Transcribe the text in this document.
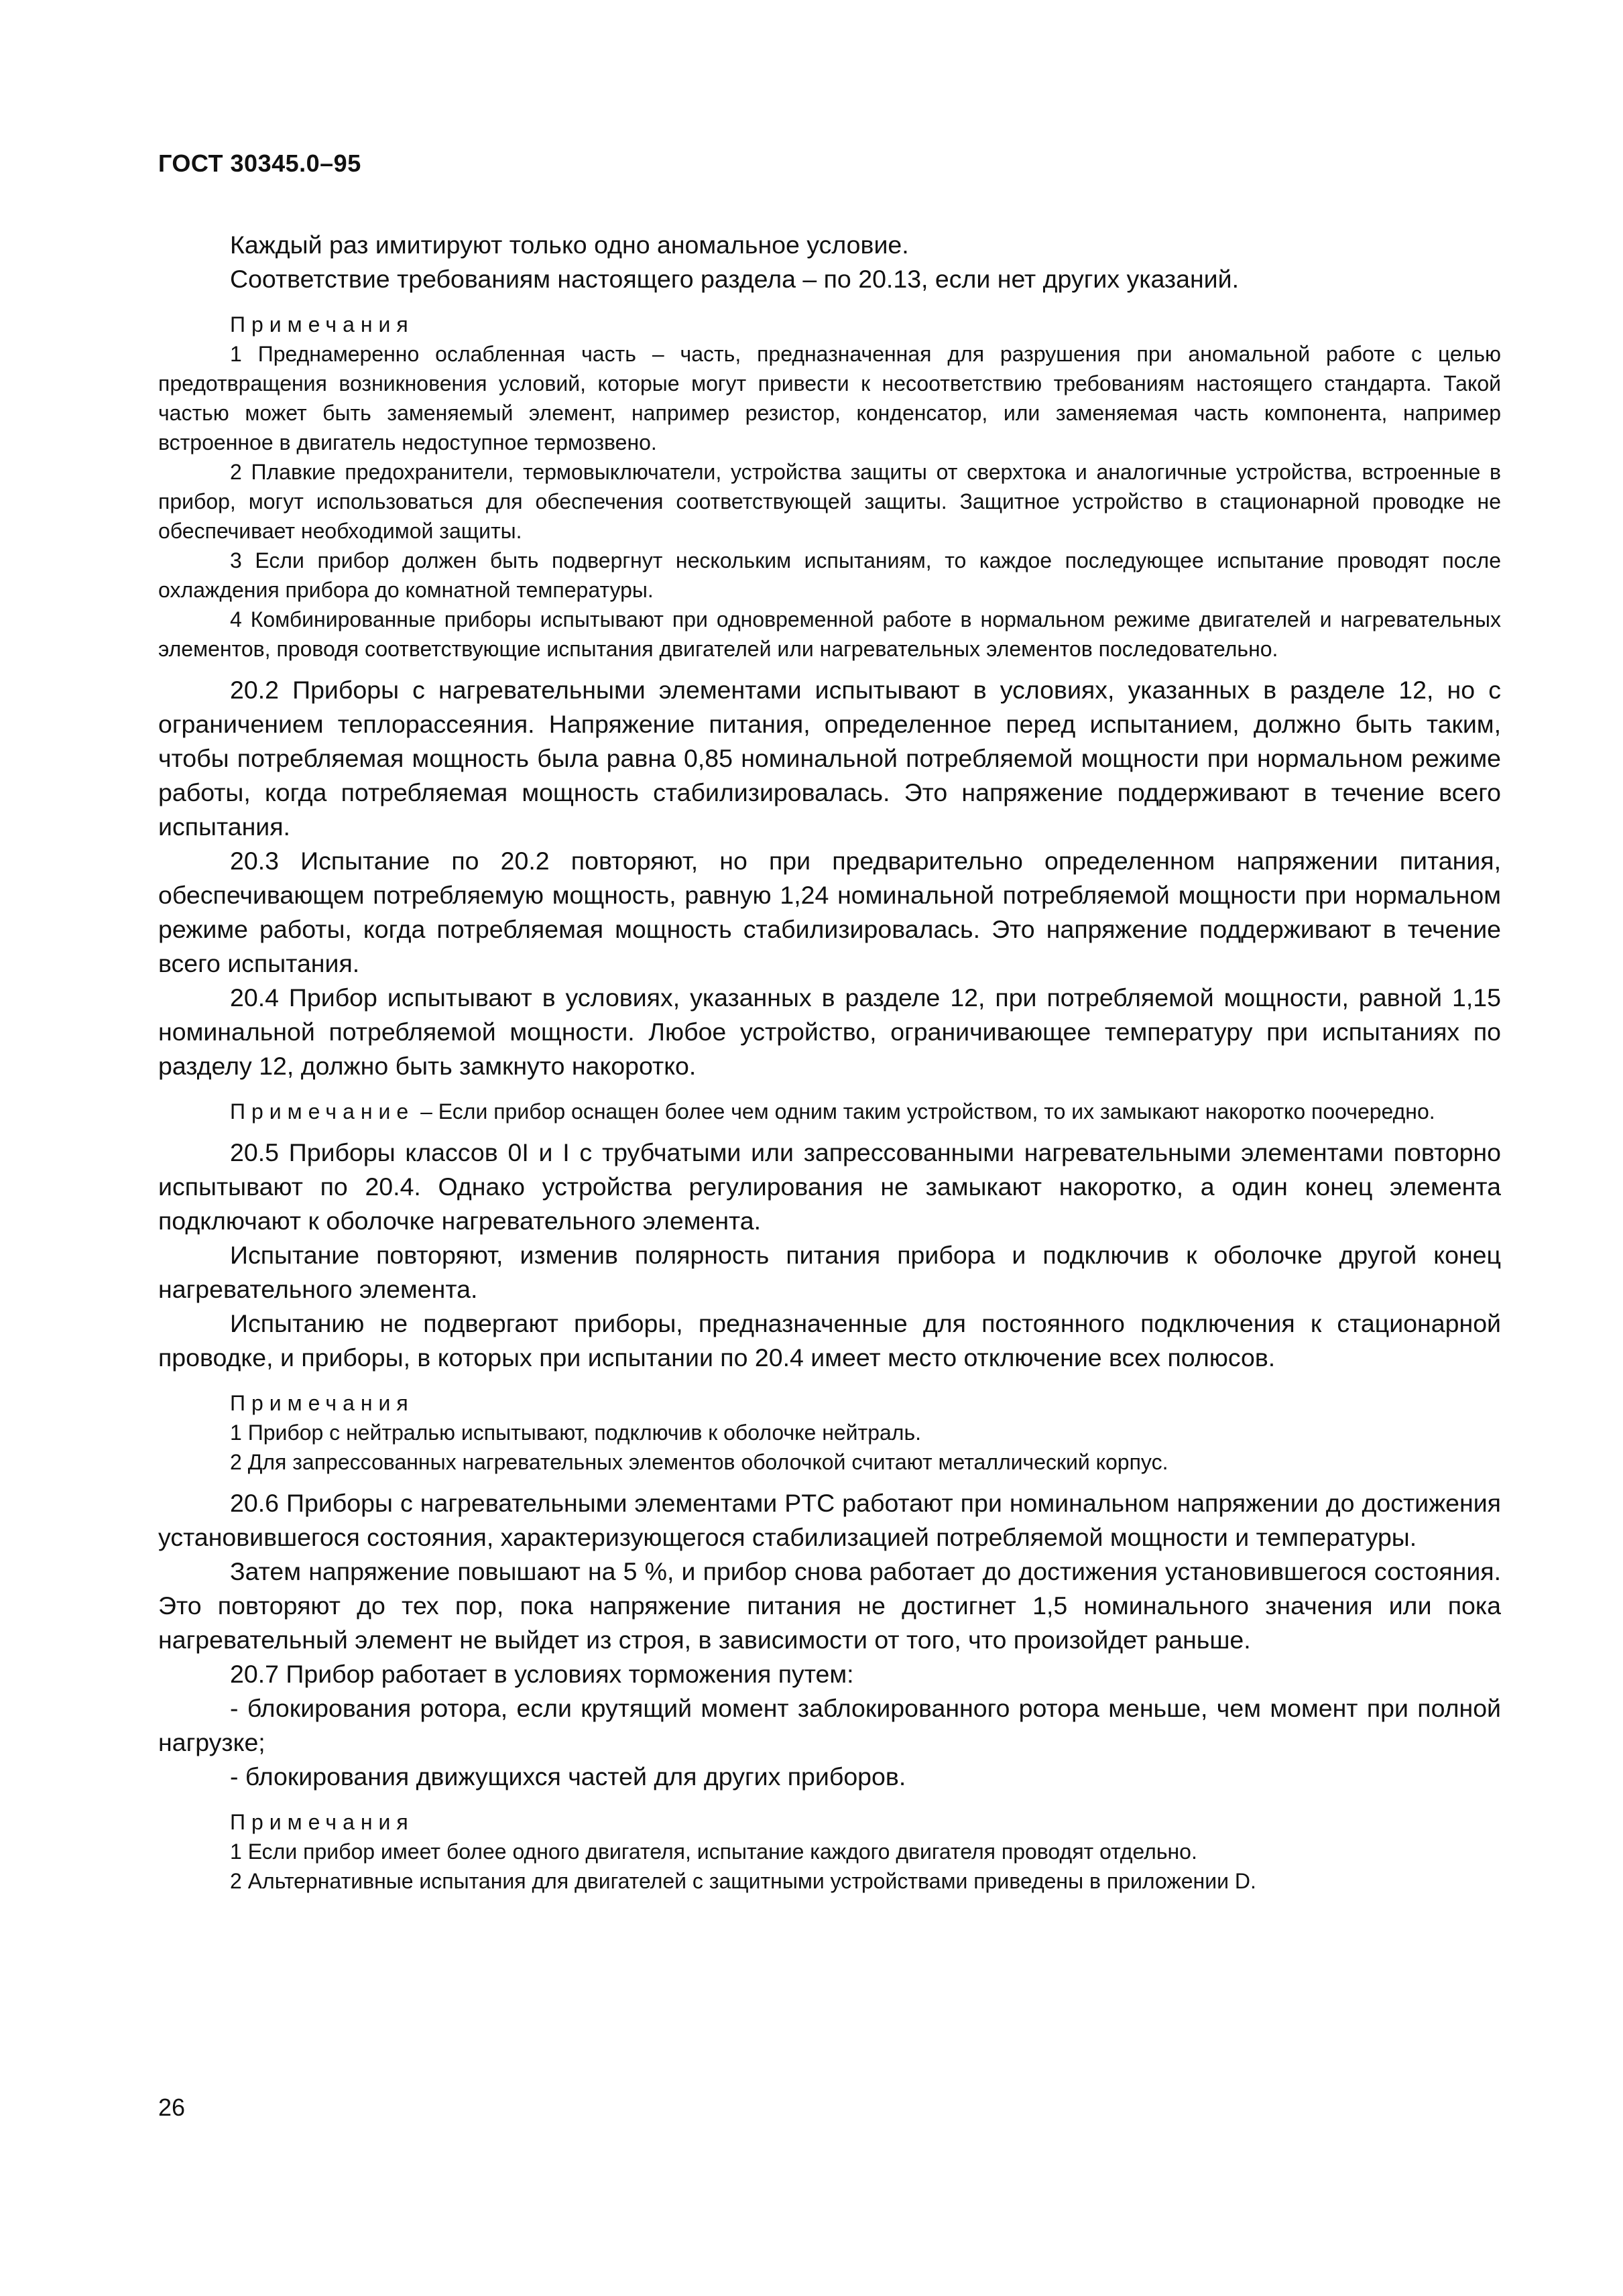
ГОСТ 30345.0–95

Каждый раз имитируют только одно аномальное условие.

Соответствие требованиям настоящего раздела – по 20.13, если нет других указаний.

Примечания

1 Преднамеренно ослабленная часть – часть, предназначенная для разрушения при аномальной работе с целью предотвращения возникновения условий, которые могут привести к несоответствию требованиям настоящего стандарта. Такой частью может быть заменяемый элемент, например резистор, конденсатор, или заменяемая часть компонента, например встроенное в двигатель недоступное термозвено.

2 Плавкие предохранители, термовыключатели, устройства защиты от сверхтока и аналогичные устройства, встроенные в прибор, могут использоваться для обеспечения соответствующей защиты. Защитное устройство в стационарной проводке не обеспечивает необходимой защиты.

3 Если прибор должен быть подвергнут нескольким испытаниям, то каждое последующее испытание проводят после охлаждения прибора до комнатной температуры.

4 Комбинированные приборы испытывают при одновременной работе в нормальном режиме двигателей и нагревательных элементов, проводя соответствующие испытания двигателей или нагревательных элементов последовательно.

20.2 Приборы с нагревательными элементами испытывают в условиях, указанных в разделе 12, но с ограничением теплорассеяния. Напряжение питания, определенное перед испытанием, должно быть таким, чтобы потребляемая мощность была равна 0,85 номинальной потребляемой мощности при нормальном режиме работы, когда потребляемая мощность стабилизировалась. Это напряжение поддерживают в течение всего испытания.

20.3 Испытание по 20.2 повторяют, но при предварительно определенном напряжении питания, обеспечивающем потребляемую мощность, равную 1,24 номинальной потребляемой мощности при нормальном режиме работы, когда потребляемая мощность стабилизировалась. Это напряжение поддерживают в течение всего испытания.

20.4 Прибор испытывают в условиях, указанных в разделе 12, при потребляемой мощности, равной 1,15 номинальной потребляемой мощности. Любое устройство, ограничивающее температуру при испытаниях по разделу 12, должно быть замкнуто накоротко.

Примечание – Если прибор оснащен более чем одним таким устройством, то их замыкают накоротко поочередно.

20.5 Приборы классов 0I и I с трубчатыми или запрессованными нагревательными элементами повторно испытывают по 20.4. Однако устройства регулирования не замыкают накоротко, а один конец элемента подключают к оболочке нагревательного элемента.

Испытание повторяют, изменив полярность питания прибора и подключив к оболочке другой конец нагревательного элемента.

Испытанию не подвергают приборы, предназначенные для постоянного подключения к стационарной проводке, и приборы, в которых при испытании по 20.4 имеет место отключение всех полюсов.

Примечания

1 Прибор с нейтралью испытывают, подключив к оболочке нейтраль.

2 Для запрессованных нагревательных элементов оболочкой считают металлический корпус.

20.6 Приборы с нагревательными элементами PTC работают при номинальном напряжении до достижения установившегося состояния, характеризующегося стабилизацией потребляемой мощности и температуры.

Затем напряжение повышают на 5 %, и прибор снова работает до достижения установившегося состояния. Это повторяют до тех пор, пока напряжение питания не достигнет 1,5 номинального значения или пока нагревательный элемент не выйдет из строя, в зависимости от того, что произойдет раньше.

20.7 Прибор работает в условиях торможения путем:

- блокирования ротора, если крутящий момент заблокированного ротора меньше, чем момент при полной нагрузке;

- блокирования движущихся частей для других приборов.

Примечания

1 Если прибор имеет более одного двигателя, испытание каждого двигателя проводят отдельно.

2 Альтернативные испытания для двигателей с защитными устройствами приведены в приложении D.

26
